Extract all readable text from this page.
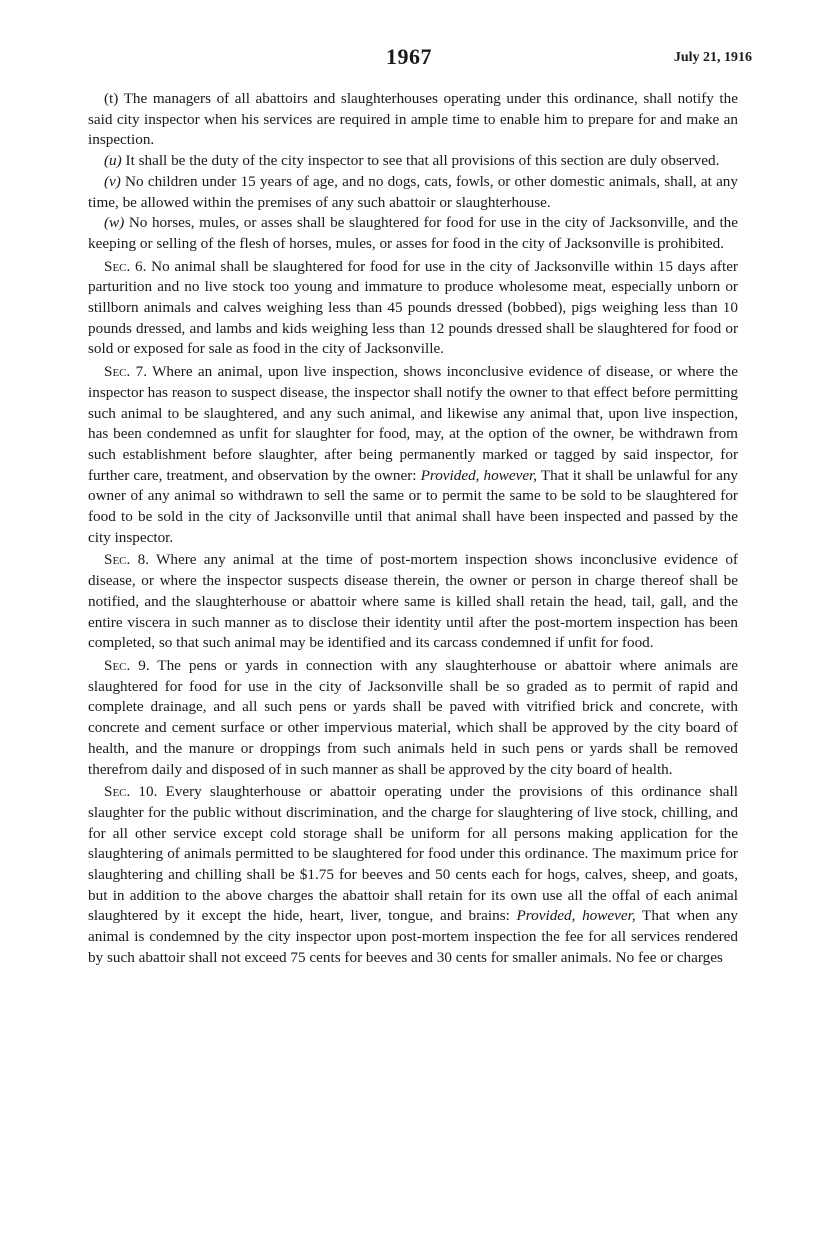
1967	July 21, 1916

(t) The managers of all abattoirs and slaughterhouses operating under this ordinance, shall notify the said city inspector when his services are required in ample time to enable him to prepare for and make an inspection.

(u) It shall be the duty of the city inspector to see that all provisions of this section are duly observed.

(v) No children under 15 years of age, and no dogs, cats, fowls, or other domestic animals, shall, at any time, be allowed within the premises of any such abattoir or slaughterhouse.

(w) No horses, mules, or asses shall be slaughtered for food for use in the city of Jacksonville, and the keeping or selling of the flesh of horses, mules, or asses for food in the city of Jacksonville is prohibited.

Sec. 6. No animal shall be slaughtered for food for use in the city of Jacksonville within 15 days after parturition and no live stock too young and immature to produce wholesome meat, especially unborn or stillborn animals and calves weighing less than 45 pounds dressed (bobbed), pigs weighing less than 10 pounds dressed, and lambs and kids weighing less than 12 pounds dressed shall be slaughtered for food or sold or exposed for sale as food in the city of Jacksonville.

Sec. 7. Where an animal, upon live inspection, shows inconclusive evidence of disease, or where the inspector has reason to suspect disease, the inspector shall notify the owner to that effect before permitting such animal to be slaughtered, and any such animal, and likewise any animal that, upon live inspection, has been condemned as unfit for slaughter for food, may, at the option of the owner, be withdrawn from such establishment before slaughter, after being permanently marked or tagged by said inspector, for further care, treatment, and observation by the owner: Provided, however, That it shall be unlawful for any owner of any animal so withdrawn to sell the same or to permit the same to be sold to be slaughtered for food to be sold in the city of Jacksonville until that animal shall have been inspected and passed by the city inspector.

Sec. 8. Where any animal at the time of post-mortem inspection shows inconclusive evidence of disease, or where the inspector suspects disease therein, the owner or person in charge thereof shall be notified, and the slaughterhouse or abattoir where same is killed shall retain the head, tail, gall, and the entire viscera in such manner as to disclose their identity until after the post-mortem inspection has been completed, so that such animal may be identified and its carcass condemned if unfit for food.

Sec. 9. The pens or yards in connection with any slaughterhouse or abattoir where animals are slaughtered for food for use in the city of Jacksonville shall be so graded as to permit of rapid and complete drainage, and all such pens or yards shall be paved with vitrified brick and concrete, with concrete and cement surface or other impervious material, which shall be approved by the city board of health, and the manure or droppings from such animals held in such pens or yards shall be removed therefrom daily and disposed of in such manner as shall be approved by the city board of health.

Sec. 10. Every slaughterhouse or abattoir operating under the provisions of this ordinance shall slaughter for the public without discrimination, and the charge for slaughtering of live stock, chilling, and for all other service except cold storage shall be uniform for all persons making application for the slaughtering of animals permitted to be slaughtered for food under this ordinance. The maximum price for slaughtering and chilling shall be $1.75 for beeves and 50 cents each for hogs, calves, sheep, and goats, but in addition to the above charges the abattoir shall retain for its own use all the offal of each animal slaughtered by it except the hide, heart, liver, tongue, and brains: Provided, however, That when any animal is condemned by the city inspector upon post-mortem inspection the fee for all services rendered by such abattoir shall not exceed 75 cents for beeves and 30 cents for smaller animals. No fee or charges
